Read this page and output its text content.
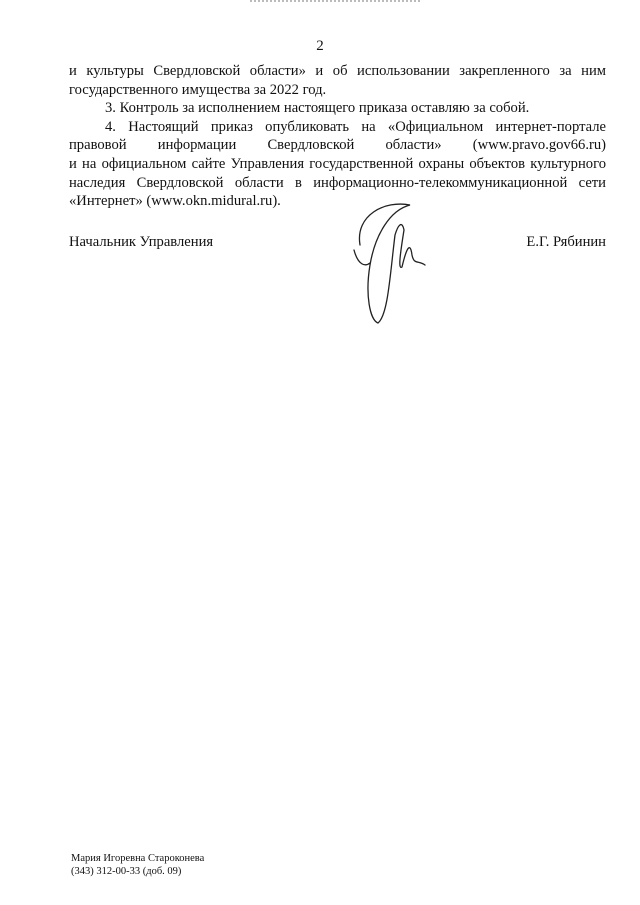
2
и культуры Свердловской области» и об использовании закрепленного за ним
государственного имущества за 2022 год.
3. Контроль за исполнением настоящего приказа оставляю за собой.
4. Настоящий приказ опубликовать на «Официальном интернет-портале
правовой информации Свердловской области» (www.pravo.gov66.ru)
и на официальном сайте Управления государственной охраны объектов культурного
наследия Свердловской области в информационно-телекоммуникационной сети
«Интернет» (www.okn.midural.ru).
Начальник Управления	Е.Г. Рябинин
Мария Игоревна Староконева
(343) 312-00-33 (доб. 09)
